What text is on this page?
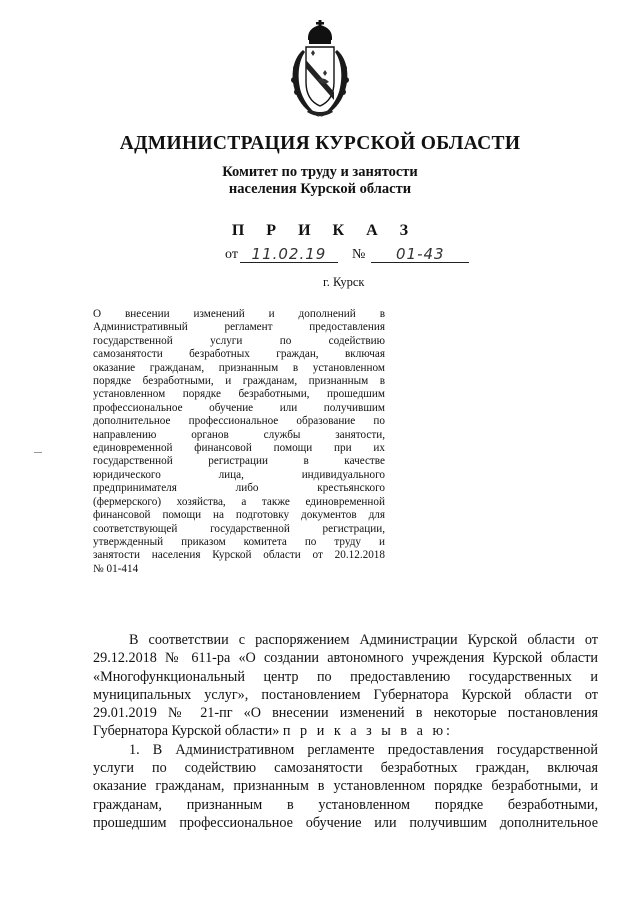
АДМИНИСТРАЦИЯ КУРСКОЙ ОБЛАСТИ
Комитет по труду и занятости
населения Курской области
П Р И К А З
от 11.02.19 № 01-43
г. Курск
О внесении изменений и дополнений в
Административный регламент предоставления
государственной услуги по содействию
самозанятости безработных граждан, включая
оказание гражданам, признанным в установленном
порядке безработными, и гражданам, признанным в
установленном порядке безработными, прошедшим
профессиональное обучение или получившим
дополнительное профессиональное образование по
направлению органов службы занятости,
единовременной финансовой помощи при их
государственной регистрации в качестве
юридического лица, индивидуального
предпринимателя либо крестьянского
(фермерского) хозяйства, а также единовременной
финансовой помощи на подготовку документов для
соответствующей государственной регистрации,
утвержденный приказом комитета по труду и
занятости населения Курской области от 20.12.2018
№ 01-414
В соответствии с распоряжением Администрации Курской области от
29.12.2018 № 611-ра «О создании автономного учреждения Курской области
«Многофункциональный центр по предоставлению государственных и
муниципальных услуг», постановлением Губернатора Курской области от
29.01.2019 № 21-пг «О внесении изменений в некоторые постановления
Губернатора Курской области» п р и к а з ы в а ю:
1. В Административном регламенте предоставления государственной
услуги по содействию самозанятости безработных граждан, включая
оказание гражданам, признанным в установленном порядке безработными, и
гражданам, признанным в установленном порядке безработными,
прошедшим профессиональное обучение или получившим дополнительное
